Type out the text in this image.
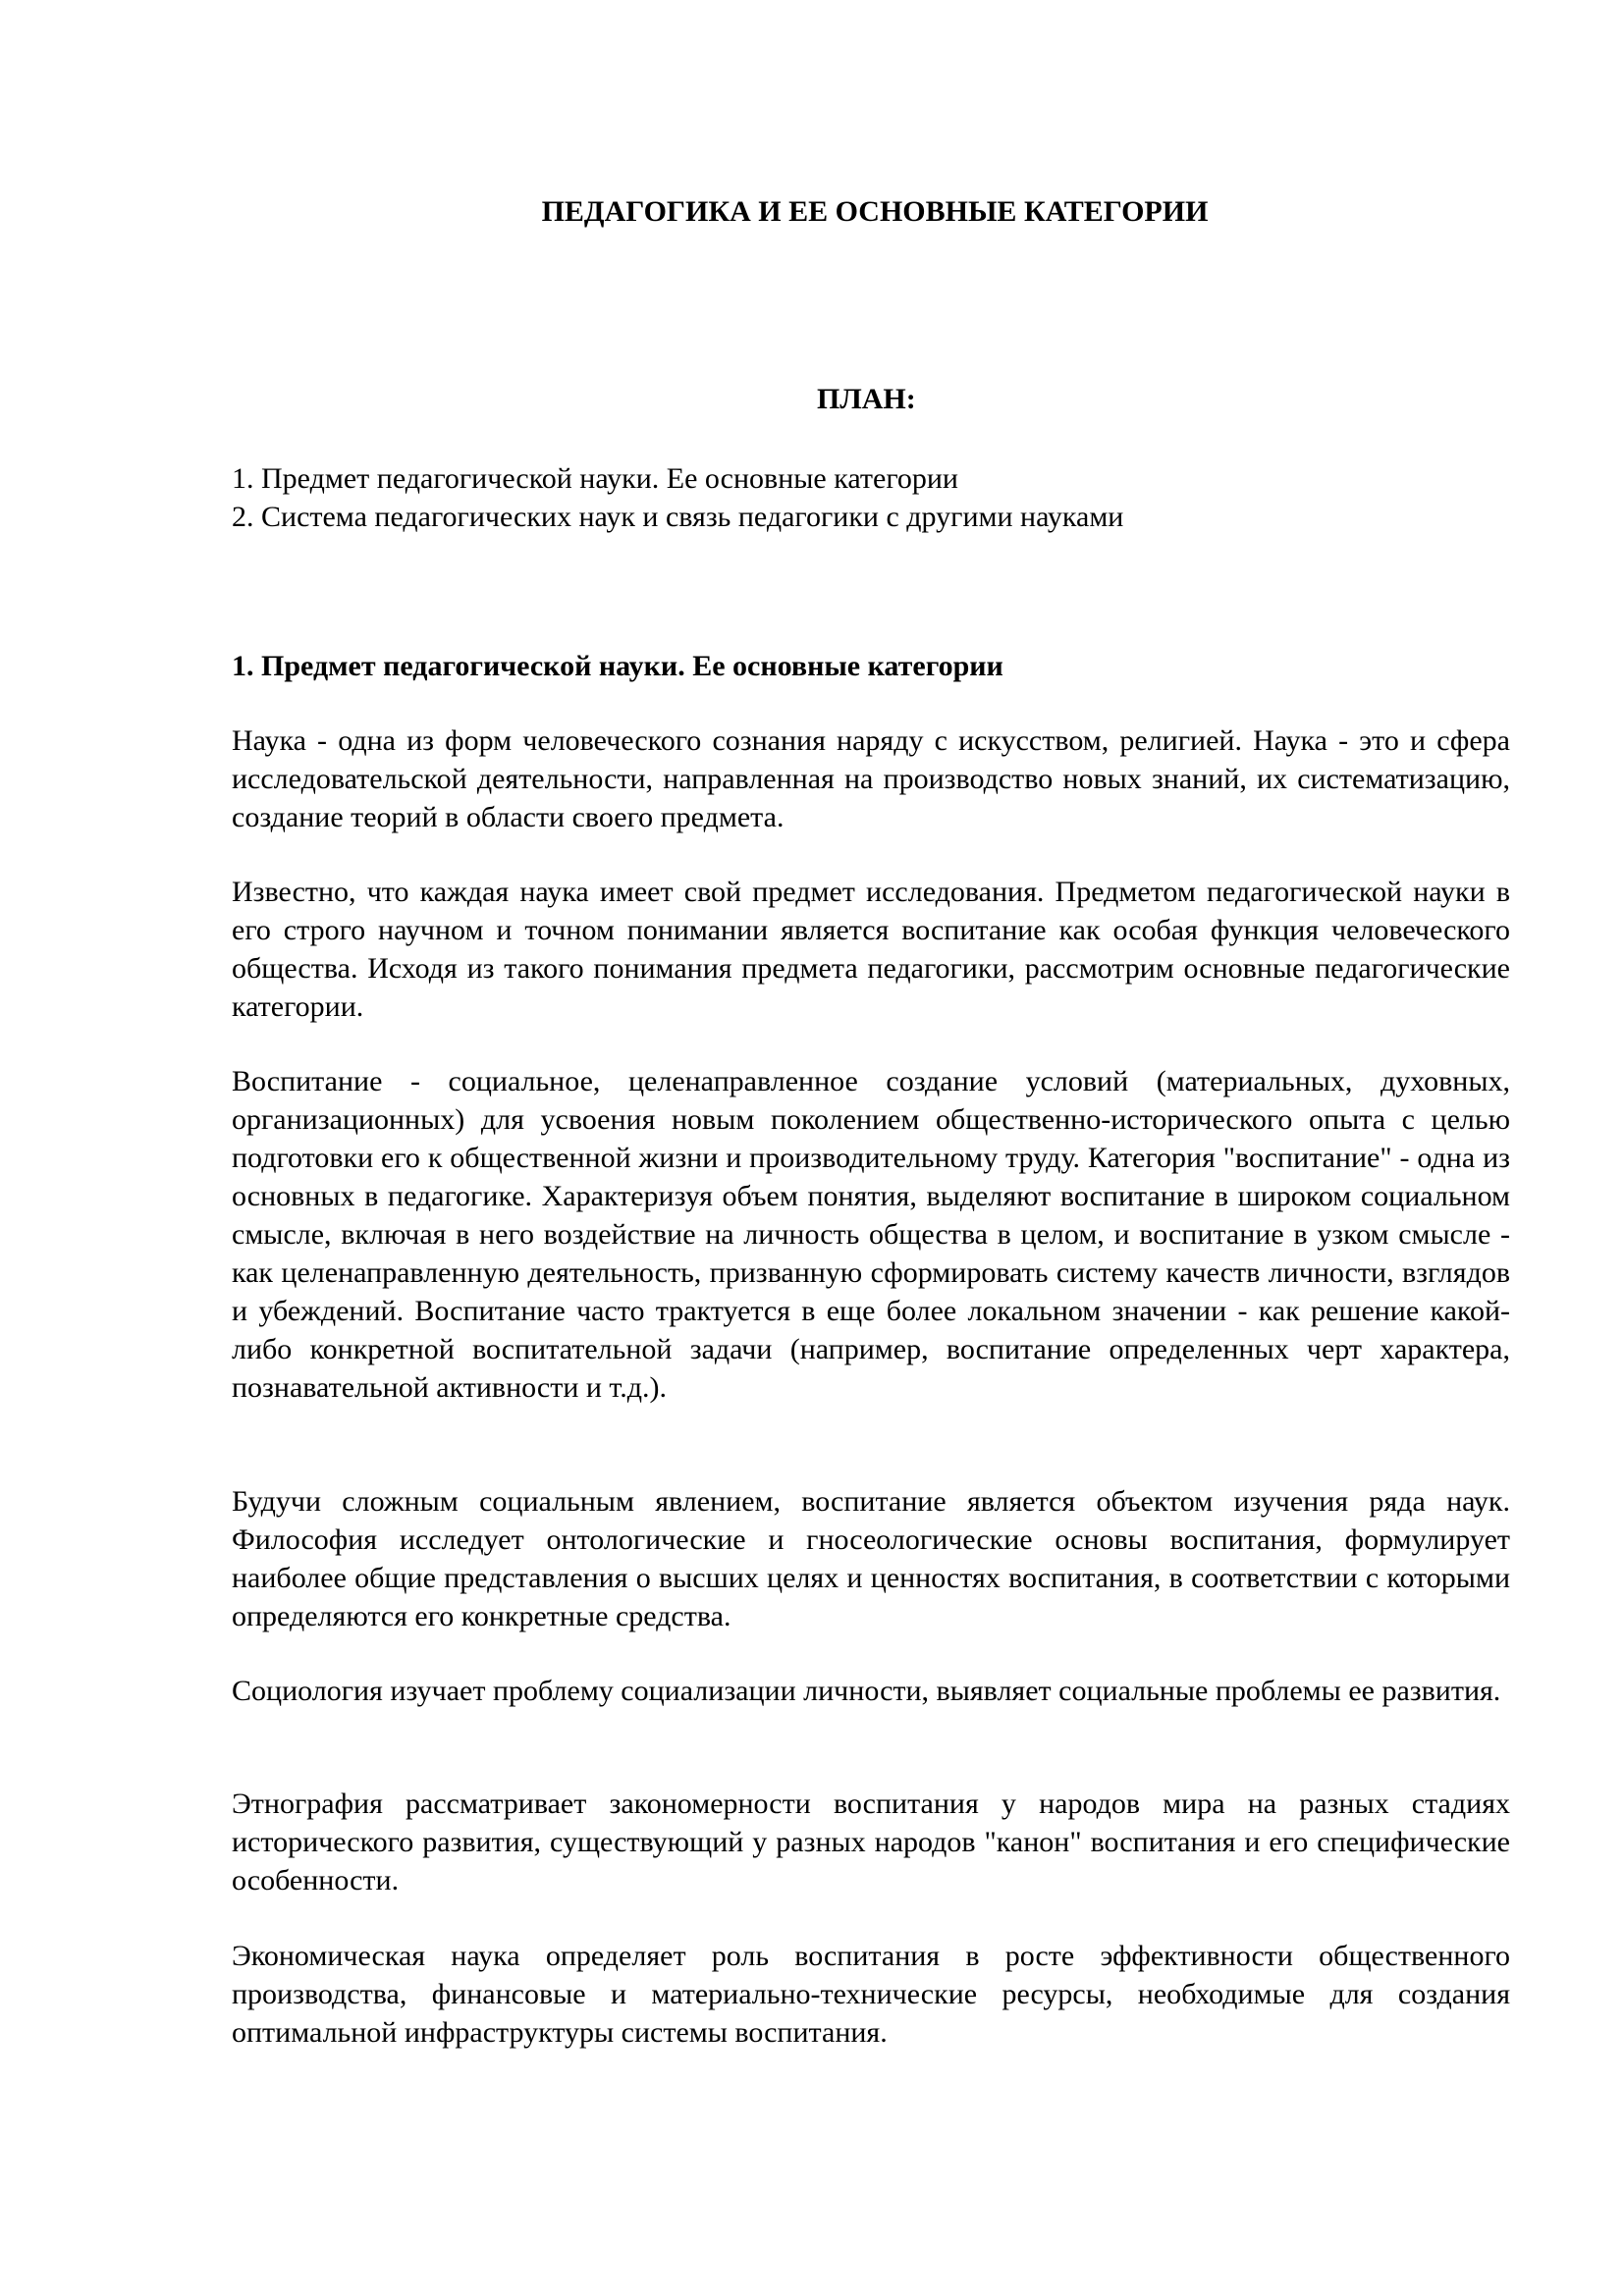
ПЕДАГОГИКА И ЕЕ ОСНОВНЫЕ КАТЕГОРИИ
ПЛАН:
1. Предмет педагогической науки. Ее основные категории
2. Система педагогических наук и связь педагогики с другими науками
1. Предмет педагогической науки. Ее основные категории

Наука - одна из форм человеческого сознания наряду с искусством, религией. Наука - это и сфера исследовательской деятельности, направленная на производство новых знаний, их систематизацию, создание теорий в области своего предмета.

Известно, что каждая наука имеет свой предмет исследования. Предметом педагогической науки в его строго научном и точном понимании является воспитание как особая функция человеческого общества. Исходя из такого понимания предмета педагогики, рассмотрим основные педагогические категории.

Воспитание - социальное, целенаправленное создание условий (материальных, духовных, организационных) для усвоения новым поколением общественно-исторического опыта с целью подготовки его к общественной жизни и производительному труду. Категория "воспитание" - одна из основных в педагогике. Характеризуя объем понятия, выделяют воспитание в широком социальном смысле, включая в него воздействие на личность общества в целом, и воспитание в узком смысле - как целенаправленную деятельность, призванную сформировать систему качеств личности, взглядов и убеждений. Воспитание часто трактуется в еще более локальном значении - как решение какой-либо конкретной воспитательной задачи (например, воспитание определенных черт характера, познавательной активности и т.д.).

Будучи сложным социальным явлением, воспитание является объектом изучения ряда наук. Философия исследует онтологические и гносеологические основы воспитания, формулирует наиболее общие представления о высших целях и ценностях воспитания, в соответствии с которыми определяются его конкретные средства.

Социология изучает проблему социализации личности, выявляет социальные проблемы ее развития.

Этнография рассматривает закономерности воспитания у народов мира на разных стадиях исторического развития, существующий у разных народов "канон" воспитания и его специфические особенности.

Экономическая наука определяет роль воспитания в росте эффективности общественного производства, финансовые и материально-технические ресурсы, необходимые для создания оптимальной инфраструктуры системы воспитания.
